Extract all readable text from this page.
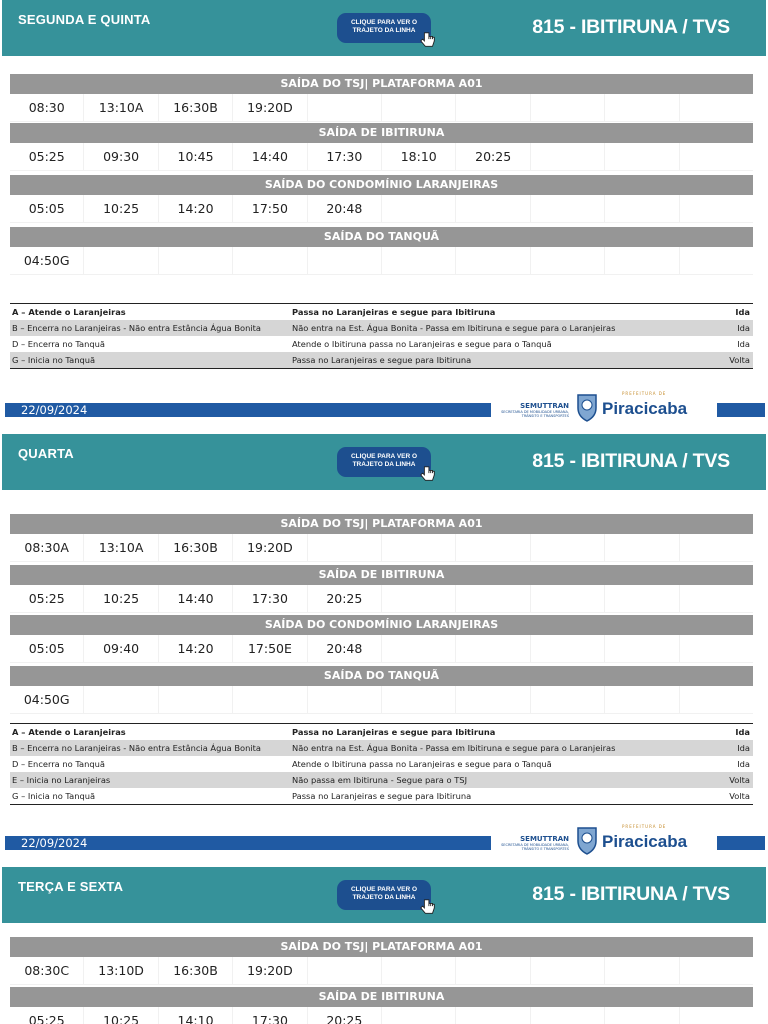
SEGUNDA E QUINTA	CLIQUE PARA VER O TRAJETO DA LINHA	815 - IBITIRUNA / TVS
SAÍDA DO TSJ| PLATAFORMA A01
08:30	13:10A	16:30B	19:20D
SAÍDA DE IBITIRUNA
05:25	09:30	10:45	14:40	17:30	18:10	20:25
SAÍDA DO CONDOMÍNIO LARANJEIRAS
05:05	10:25	14:20	17:50	20:48
SAÍDA DO TANQUÃ
04:50G
A – Atende o Laranjeiras	Passa no Laranjeiras e segue para Ibitiruna	Ida
B – Encerra no Laranjeiras - Não entra Estância Água Bonita	Não entra na Est. Água Bonita - Passa em Ibitiruna e segue para o Laranjeiras	Ida
D – Encerra no Tanquã	Atende o Ibitiruna passa no Laranjeiras e segue para o Tanquã	Ida
G – Inicia no Tanquã	Passa no Laranjeiras e segue para Ibitiruna	Volta
22/09/2024	SEMUTTRAN
SECRETARIA DE MOBILIDADE URBANA, TRÂNSITO E TRANSPORTES
PREFEITURA DE
Piracicaba
QUARTA	CLIQUE PARA VER O TRAJETO DA LINHA	815 - IBITIRUNA / TVS
SAÍDA DO TSJ| PLATAFORMA A01
08:30A	13:10A	16:30B	19:20D
SAÍDA DE IBITIRUNA
05:25	10:25	14:40	17:30	20:25
SAÍDA DO CONDOMÍNIO LARANJEIRAS
05:05	09:40	14:20	17:50E	20:48
SAÍDA DO TANQUÃ
04:50G
A – Atende o Laranjeiras	Passa no Laranjeiras e segue para Ibitiruna	Ida
B – Encerra no Laranjeiras - Não entra Estância Água Bonita	Não entra na Est. Água Bonita - Passa em Ibitiruna e segue para o Laranjeiras	Ida
D – Encerra no Tanquã	Atende o Ibitiruna passa no Laranjeiras e segue para o Tanquã	Ida
E – Inicia no Laranjeiras	Não passa em Ibitiruna - Segue para o TSJ	Volta
G – Inicia no Tanquã	Passa no Laranjeiras e segue para Ibitiruna	Volta
22/09/2024	SEMUTTRAN
SECRETARIA DE MOBILIDADE URBANA, TRÂNSITO E TRANSPORTES
PREFEITURA DE
Piracicaba
TERÇA E SEXTA	CLIQUE PARA VER O TRAJETO DA LINHA	815 - IBITIRUNA / TVS
SAÍDA DO TSJ| PLATAFORMA A01
08:30C	13:10D	16:30B	19:20D
SAÍDA DE IBITIRUNA
05:25	10:25	14:10	17:30	20:25
